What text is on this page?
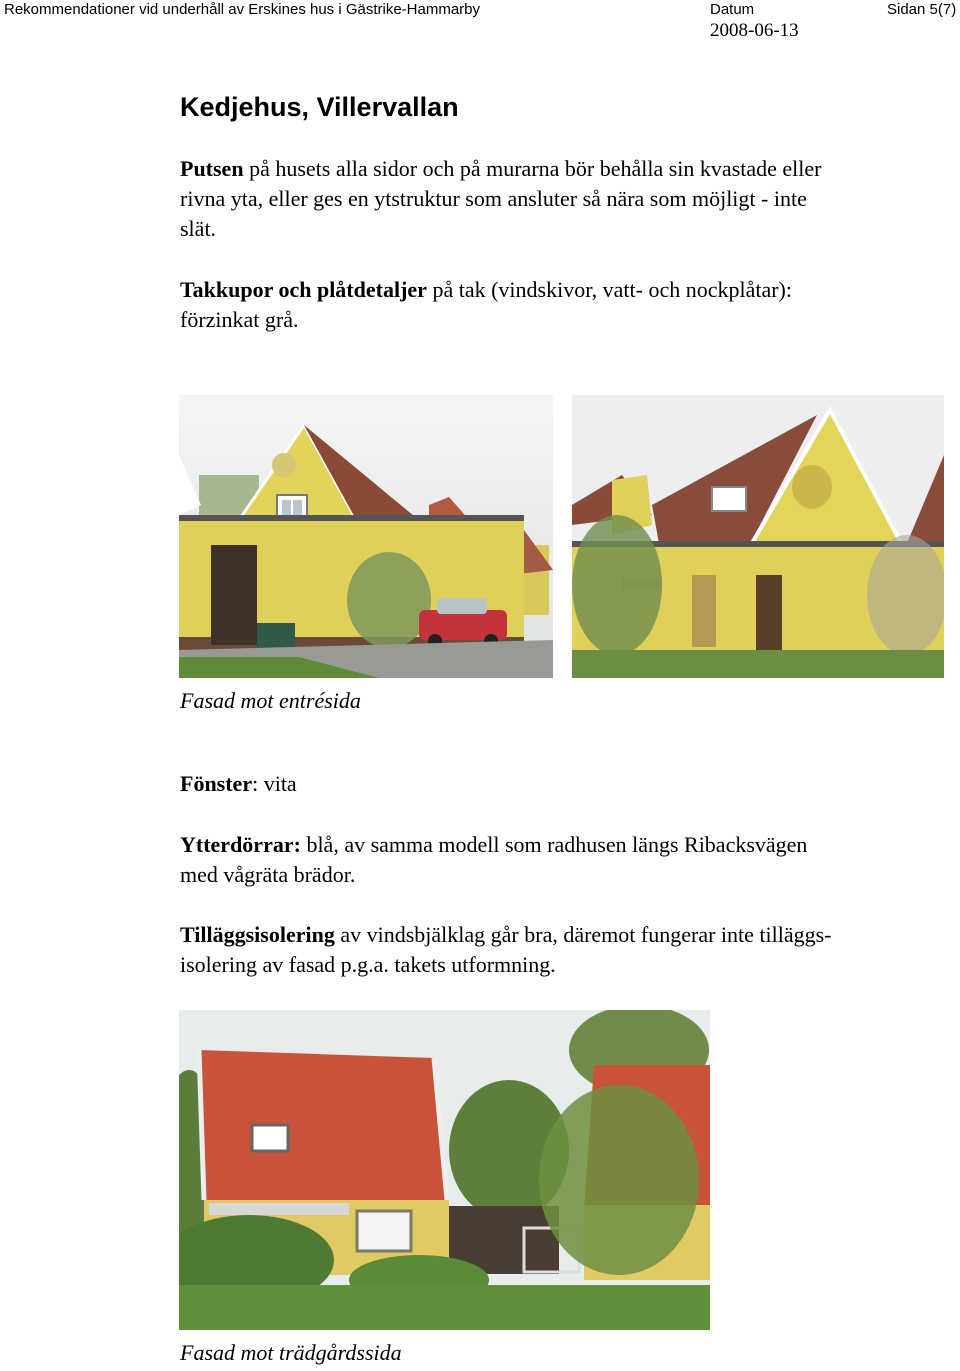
Rekommendationer vid underhåll av Erskines hus i Gästrike-Hammarby	Datum
2008-06-13
Sidan 5(7)
Kedjehus, Villervallan
Putsen på husets alla sidor och på murarna bör behålla sin kvastade eller
rivna yta, eller ges en ytstruktur som ansluter så nära som möjligt - inte
slät.
Takkupor och plåtdetaljer på tak (vindskivor, vatt- och nockplåtar):
förzinkat grå.
Fasad mot entrésida
Fönster: vita
Ytterdörrar: blå, av samma modell som radhusen längs Ribacksvägen
med vågräta brädor.
Tilläggsisolering av vindsbjälklag går bra, däremot fungerar inte tilläggs-
isolering av fasad p.g.a. takets utformning.
Fasad mot trädgårdssida
